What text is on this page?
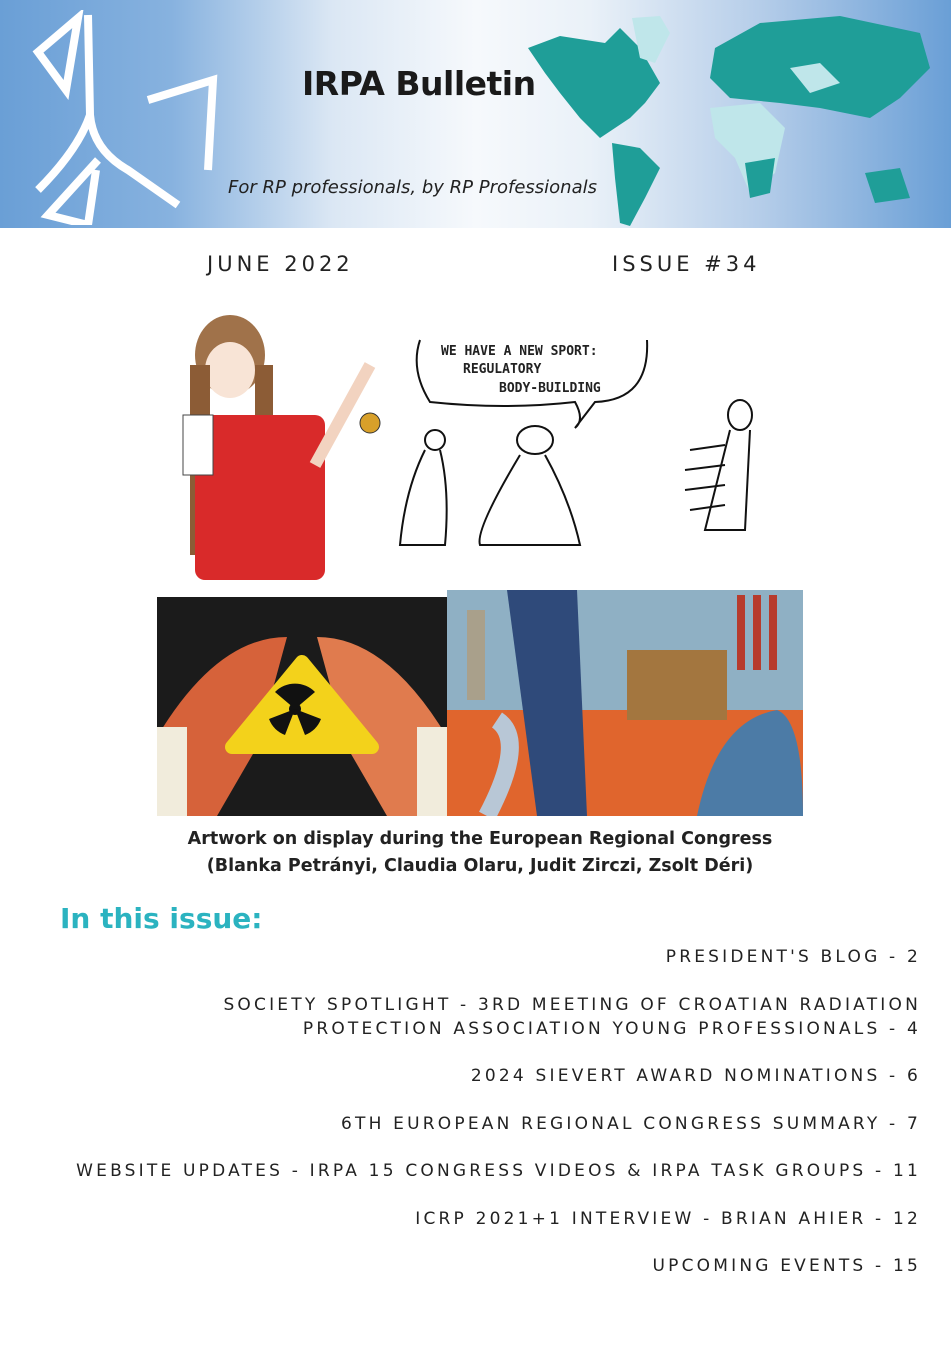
IRPA Bulletin
For RP professionals, by RP Professionals
JUNE 2022	ISSUE #34
WE HAVE A NEW SPORT:
REGULATORY
BODY-BUILDING
Artwork on display during the European Regional Congress
(Blanka Petrányi, Claudia Olaru, Judit Zirczi, Zsolt Déri)
In this issue:
PRESIDENT'S BLOG - 2
SOCIETY SPOTLIGHT - 3RD MEETING OF CROATIAN RADIATION
PROTECTION ASSOCIATION YOUNG PROFESSIONALS - 4
2024 SIEVERT AWARD NOMINATIONS - 6
6TH EUROPEAN REGIONAL CONGRESS SUMMARY - 7
WEBSITE UPDATES - IRPA 15 CONGRESS VIDEOS & IRPA TASK GROUPS - 11
ICRP 2021+1 INTERVIEW - BRIAN AHIER - 12
UPCOMING EVENTS - 15
